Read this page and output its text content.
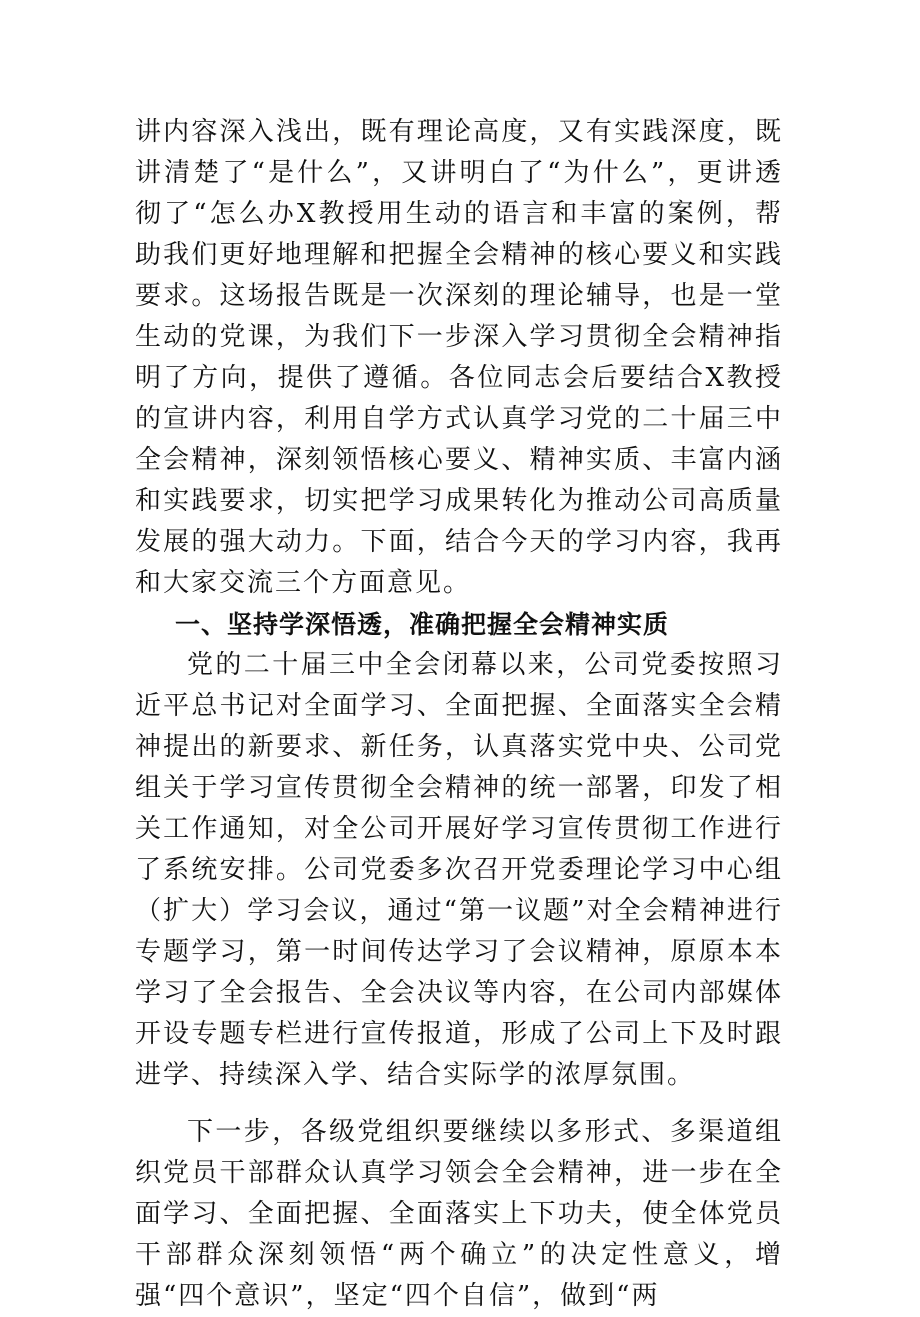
讲内容深入浅出，既有理论高度，又有实践深度，既讲清楚了“是什么”，又讲明白了“为什么”，更讲透彻了“怎么办X教授用生动的语言和丰富的案例，帮助我们更好地理解和把握全会精神的核心要义和实践要求。这场报告既是一次深刻的理论辅导，也是一堂生动的党课，为我们下一步深入学习贯彻全会精神指明了方向，提供了遵循。各位同志会后要结合X教授的宣讲内容，利用自学方式认真学习党的二十届三中全会精神，深刻领悟核心要义、精神实质、丰富内涵和实践要求，切实把学习成果转化为推动公司高质量发展的强大动力。下面，结合今天的学习内容，我再和大家交流三个方面意见。

一、坚持学深悟透，准确把握全会精神实质

党的二十届三中全会闭幕以来，公司党委按照习近平总书记对全面学习、全面把握、全面落实全会精神提出的新要求、新任务，认真落实党中央、公司党组关于学习宣传贯彻全会精神的统一部署，印发了相关工作通知，对全公司开展好学习宣传贯彻工作进行了系统安排。公司党委多次召开党委理论学习中心组（扩大）学习会议，通过“第一议题”对全会精神进行专题学习，第一时间传达学习了会议精神，原原本本学习了全会报告、全会决议等内容，在公司内部媒体开设专题专栏进行宣传报道，形成了公司上下及时跟进学、持续深入学、结合实际学的浓厚氛围。

下一步，各级党组织要继续以多形式、多渠道组织党员干部群众认真学习领会全会精神，进一步在全面学习、全面把握、全面落实上下功夫，使全体党员干部群众深刻领悟“两个确立”的决定性意义，增强“四个意识”，坚定“四个自信”，做到“两
